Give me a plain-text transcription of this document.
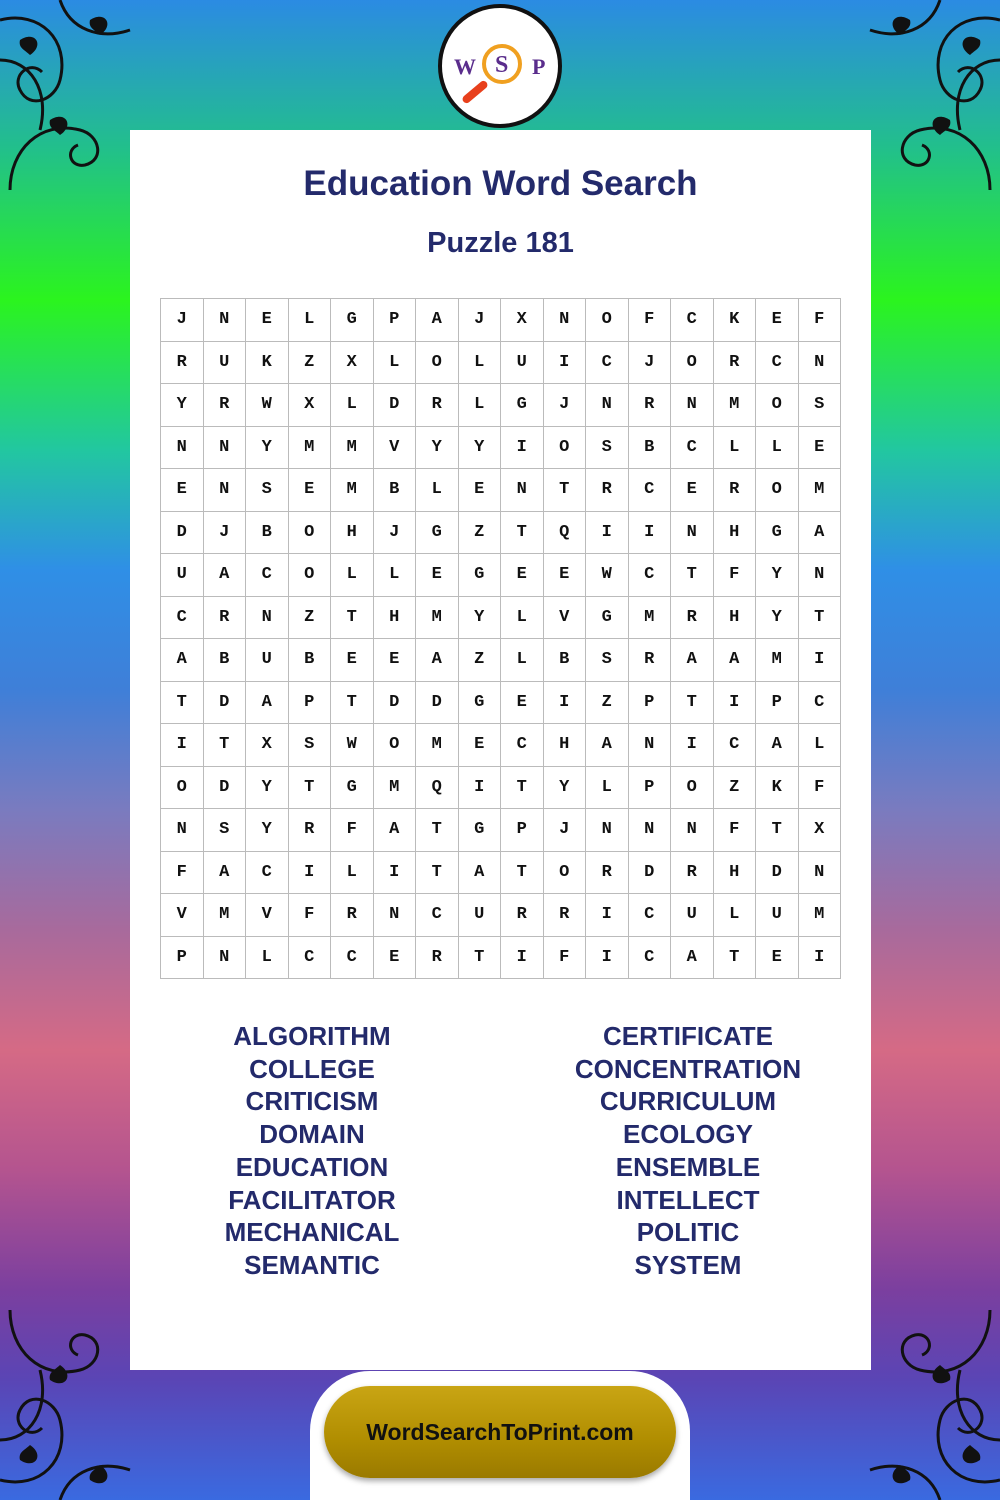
W S P
Education Word Search
Puzzle 181
J	N	E	L	G	P	A	J	X	N	O	F	C	K	E	F
R	U	K	Z	X	L	O	L	U	I	C	J	O	R	C	N
Y	R	W	X	L	D	R	L	G	J	N	R	N	M	O	S
N	N	Y	M	M	V	Y	Y	I	O	S	B	C	L	L	E
E	N	S	E	M	B	L	E	N	T	R	C	E	R	O	M
D	J	B	O	H	J	G	Z	T	Q	I	I	N	H	G	A
U	A	C	O	L	L	E	G	E	E	W	C	T	F	Y	N
C	R	N	Z	T	H	M	Y	L	V	G	M	R	H	Y	T
A	B	U	B	E	E	A	Z	L	B	S	R	A	A	M	I
T	D	A	P	T	D	D	G	E	I	Z	P	T	I	P	C
I	T	X	S	W	O	M	E	C	H	A	N	I	C	A	L
O	D	Y	T	G	M	Q	I	T	Y	L	P	O	Z	K	F
N	S	Y	R	F	A	T	G	P	J	N	N	N	F	T	X
F	A	C	I	L	I	T	A	T	O	R	D	R	H	D	N
V	M	V	F	R	N	C	U	R	R	I	C	U	L	U	M
P	N	L	C	C	E	R	T	I	F	I	C	A	T	E	I
ALGORITHM
COLLEGE
CRITICISM
DOMAIN
EDUCATION
FACILITATOR
MECHANICAL
SEMANTIC
CERTIFICATE
CONCENTRATION
CURRICULUM
ECOLOGY
ENSEMBLE
INTELLECT
POLITIC
SYSTEM
WordSearchToPrint.com
